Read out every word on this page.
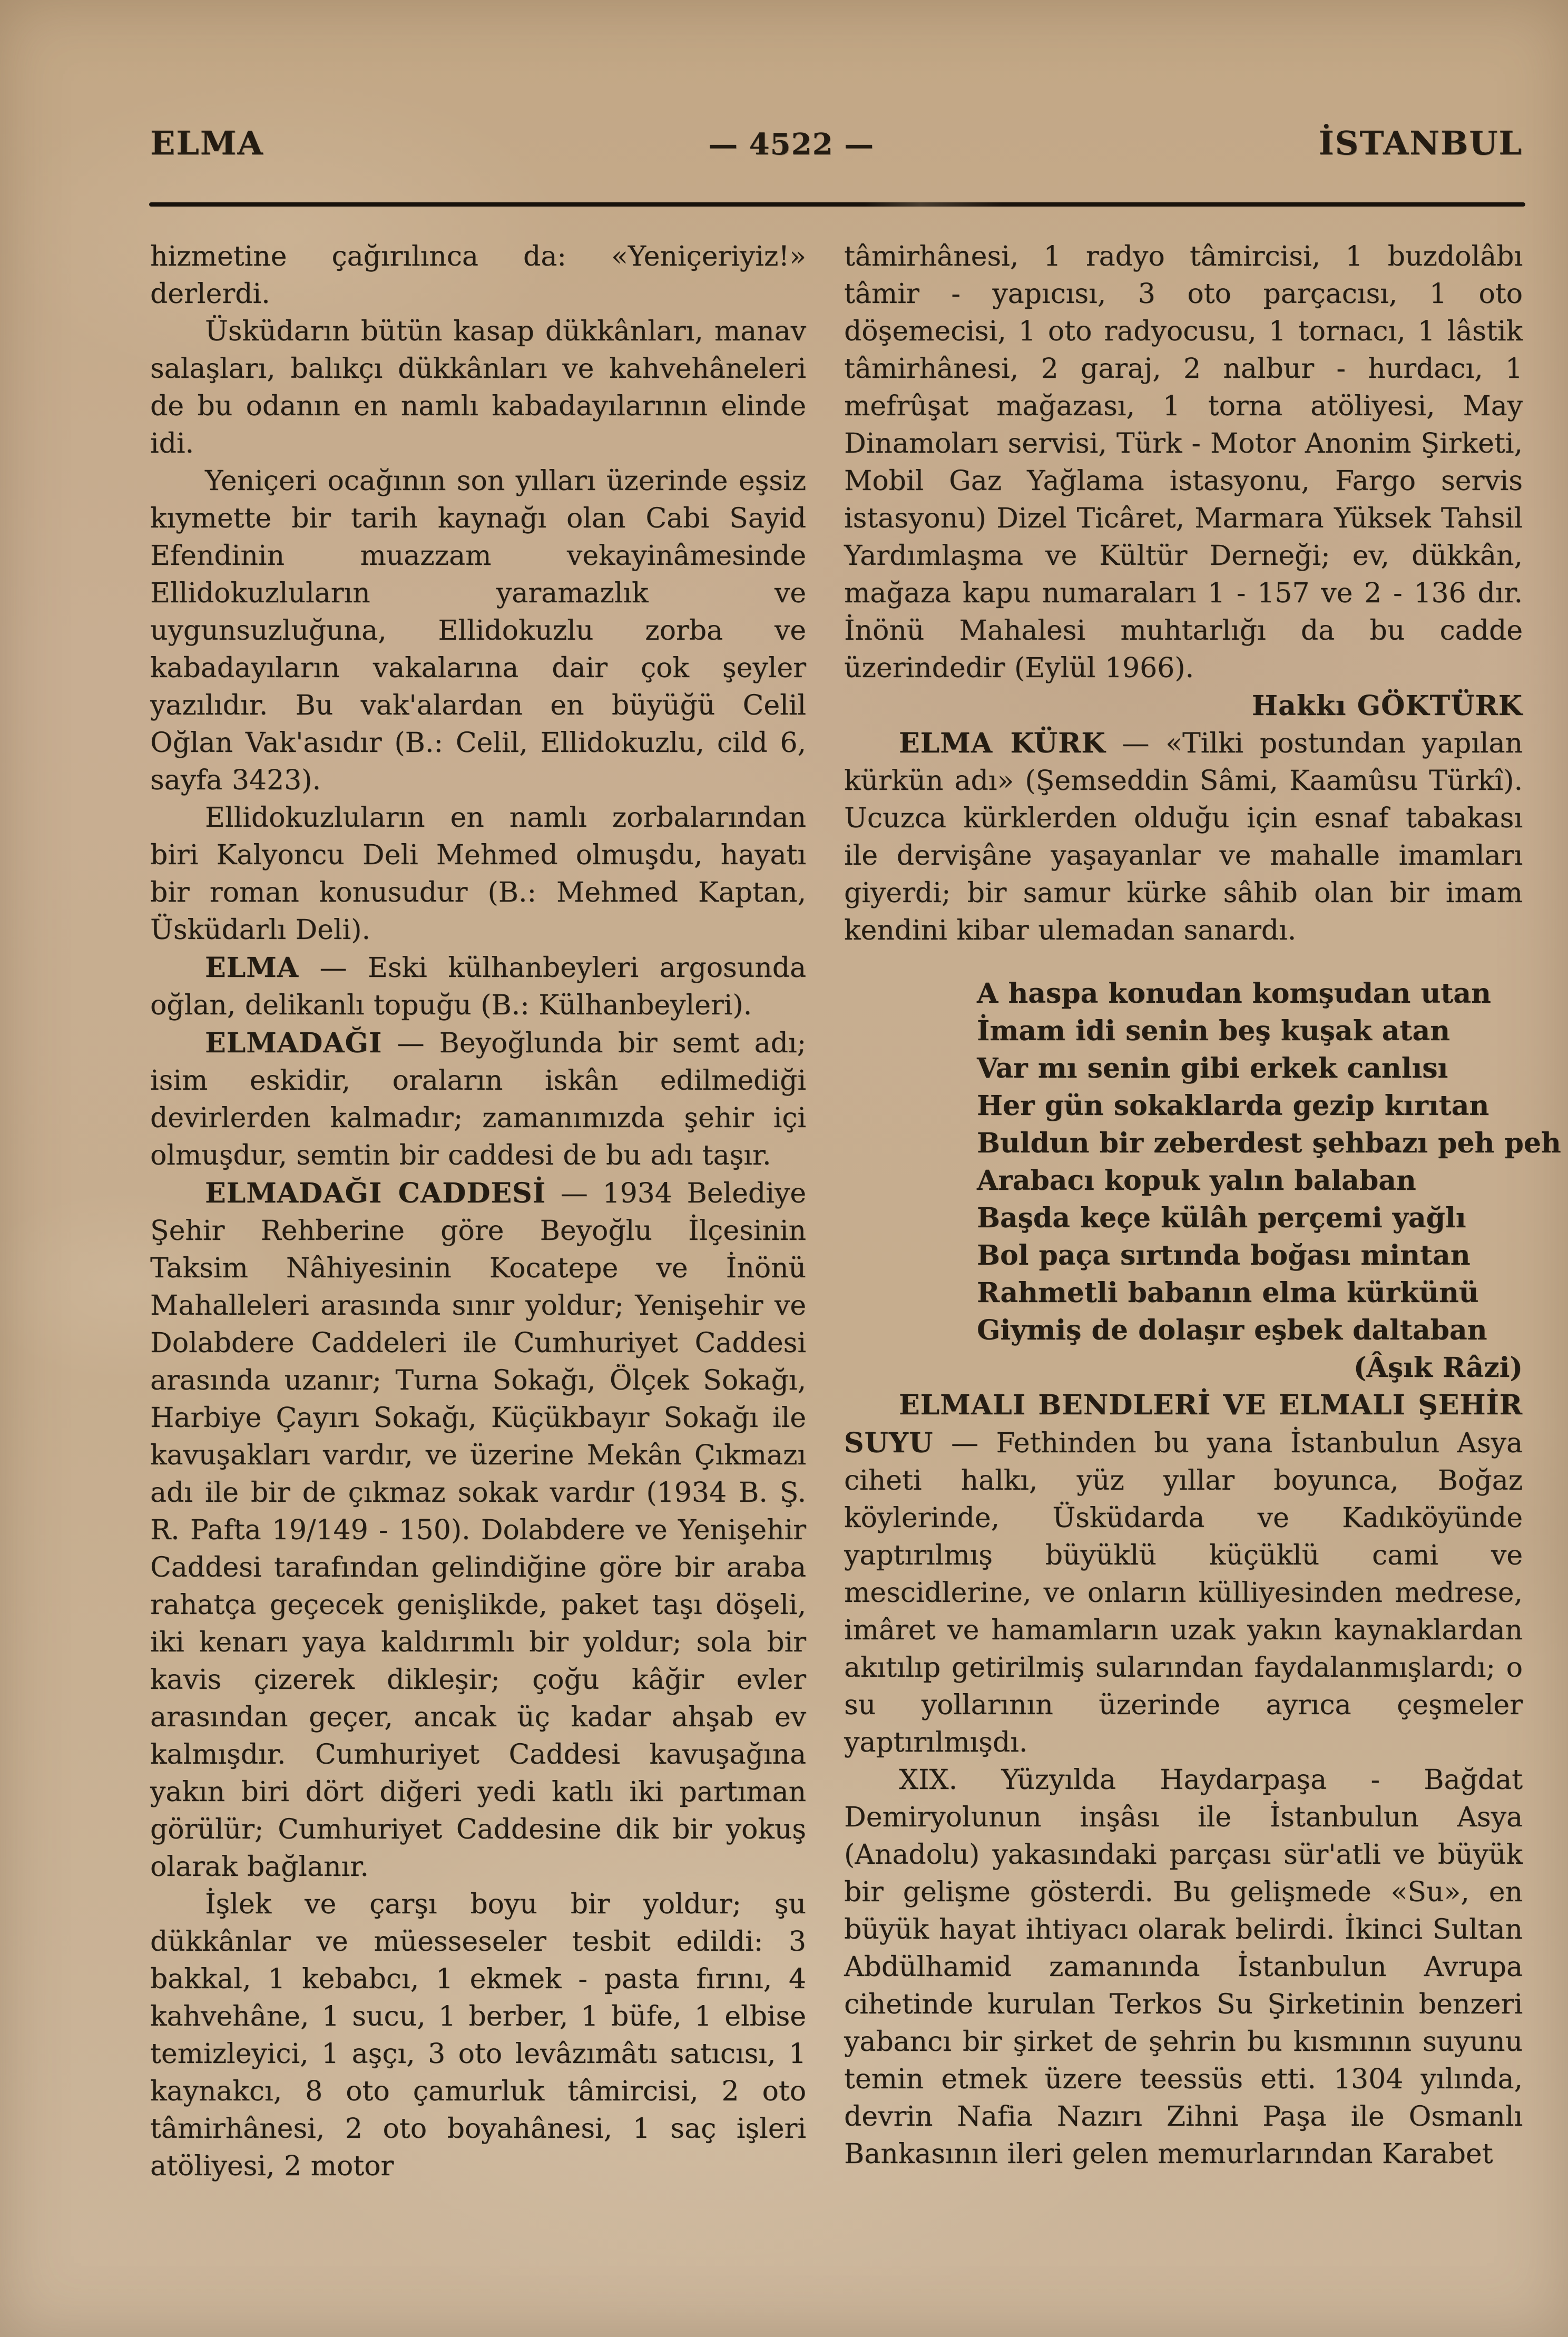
ELMA	— 4522 —	İSTANBUL

hizmetine çağırılınca da: «Yeniçeriyiz!» derlerdi.

Üsküdarın bütün kasap dükkânları, manav salaşları, balıkçı dükkânları ve kahvehâneleri de bu odanın en namlı kabadayılarının elinde idi.

Yeniçeri ocağının son yılları üzerinde eşsiz kıymette bir tarih kaynağı olan Cabi Sayid Efendinin muazzam vekayinâmesinde Ellidokuzluların yaramazlık ve uygunsuzluğuna, Ellidokuzlu zorba ve kabadayıların vakalarına dair çok şeyler yazılıdır. Bu vak'alardan en büyüğü Celil Oğlan Vak'asıdır (B.: Celil, Ellidokuzlu, cild 6, sayfa 3423).

Ellidokuzluların en namlı zorbalarından biri Kalyoncu Deli Mehmed olmuşdu, hayatı bir roman konusudur (B.: Mehmed Kaptan, Üsküdarlı Deli).

ELMA — Eski külhanbeyleri argosunda oğlan, delikanlı topuğu (B.: Külhanbeyleri).

ELMADAĞI — Beyoğlunda bir semt adı; isim eskidir, oraların iskân edilmediği devirlerden kalmadır; zamanımızda şehir içi olmuşdur, semtin bir caddesi de bu adı taşır.

ELMADAĞI CADDESİ — 1934 Belediye Şehir Rehberine göre Beyoğlu İlçesinin Taksim Nâhiyesinin Kocatepe ve İnönü Mahalleleri arasında sınır yoldur; Yenişehir ve Dolabdere Caddeleri ile Cumhuriyet Caddesi arasında uzanır; Turna Sokağı, Ölçek Sokağı, Harbiye Çayırı Sokağı, Küçükbayır Sokağı ile kavuşakları vardır, ve üzerine Mekân Çıkmazı adı ile bir de çıkmaz sokak vardır (1934 B. Ş. R. Pafta 19/149 - 150). Dolabdere ve Yenişehir Caddesi tarafından gelindiğine göre bir araba rahatça geçecek genişlikde, paket taşı döşeli, iki kenarı yaya kaldırımlı bir yoldur; sola bir kavis çizerek dikleşir; çoğu kâğir evler arasından geçer, ancak üç kadar ahşab ev kalmışdır. Cumhuriyet Caddesi kavuşağına yakın biri dört diğeri yedi katlı iki partıman görülür; Cumhuriyet Caddesine dik bir yokuş olarak bağlanır.

İşlek ve çarşı boyu bir yoldur; şu dükkânlar ve müesseseler tesbit edildi: 3 bakkal, 1 kebabcı, 1 ekmek - pasta fırını, 4 kahvehâne, 1 sucu, 1 berber, 1 büfe, 1 elbise temizleyici, 1 aşçı, 3 oto levâzımâtı satıcısı, 1 kaynakcı, 8 oto çamurluk tâmircisi, 2 oto tâmirhânesi, 2 oto boyahânesi, 1 saç işleri atöliyesi, 2 motor

tâmirhânesi, 1 radyo tâmircisi, 1 buzdolâbı tâmir - yapıcısı, 3 oto parçacısı, 1 oto döşemecisi, 1 oto radyocusu, 1 tornacı, 1 lâstik tâmirhânesi, 2 garaj, 2 nalbur - hurdacı, 1 mefrûşat mağazası, 1 torna atöliyesi, May Dinamoları servisi, Türk - Motor Anonim Şirketi, Mobil Gaz Yağlama istasyonu, Fargo servis istasyonu) Dizel Ticâret, Marmara Yüksek Tahsil Yardımlaşma ve Kültür Derneği; ev, dükkân, mağaza kapu numaraları 1 - 157 ve 2 - 136 dır. İnönü Mahalesi muhtarlığı da bu cadde üzerindedir (Eylül 1966).

Hakkı GÖKTÜRK

ELMA KÜRK — «Tilki postundan yapılan kürkün adı» (Şemseddin Sâmi, Kaamûsu Türkî). Ucuzca kürklerden olduğu için esnaf tabakası ile dervişâne yaşayanlar ve mahalle imamları giyerdi; bir samur kürke sâhib olan bir imam kendini kibar ulemadan sanardı.

A haspa konudan komşudan utan
İmam idi senin beş kuşak atan
Var mı senin gibi erkek canlısı
Her gün sokaklarda gezip kırıtan
Buldun bir zeberdest şehbazı peh peh
Arabacı kopuk yalın balaban
Başda keçe külâh perçemi yağlı
Bol paça sırtında boğası mintan
Rahmetli babanın elma kürkünü
Giymiş de dolaşır eşbek daltaban

(Âşık Râzi)

ELMALI BENDLERİ VE ELMALI ŞEHİR SUYU — Fethinden bu yana İstanbulun Asya ciheti halkı, yüz yıllar boyunca, Boğaz köylerinde, Üsküdarda ve Kadıköyünde yaptırılmış büyüklü küçüklü cami ve mescidlerine, ve onların külliyesinden medrese, imâret ve hamamların uzak yakın kaynaklardan akıtılıp getirilmiş sularından faydalanmışlardı; o su yollarının üzerinde ayrıca çeşmeler yaptırılmışdı.

XIX. Yüzyılda Haydarpaşa - Bağdat Demiryolunun inşâsı ile İstanbulun Asya (Anadolu) yakasındaki parçası sür'atli ve büyük bir gelişme gösterdi. Bu gelişmede «Su», en büyük hayat ihtiyacı olarak belirdi. İkinci Sultan Abdülhamid zamanında İstanbulun Avrupa cihetinde kurulan Terkos Su Şirketinin benzeri yabancı bir şirket de şehrin bu kısmının suyunu temin etmek üzere teessüs etti. 1304 yılında, devrin Nafia Nazırı Zihni Paşa ile Osmanlı Bankasının ileri gelen memurlarından Karabet
